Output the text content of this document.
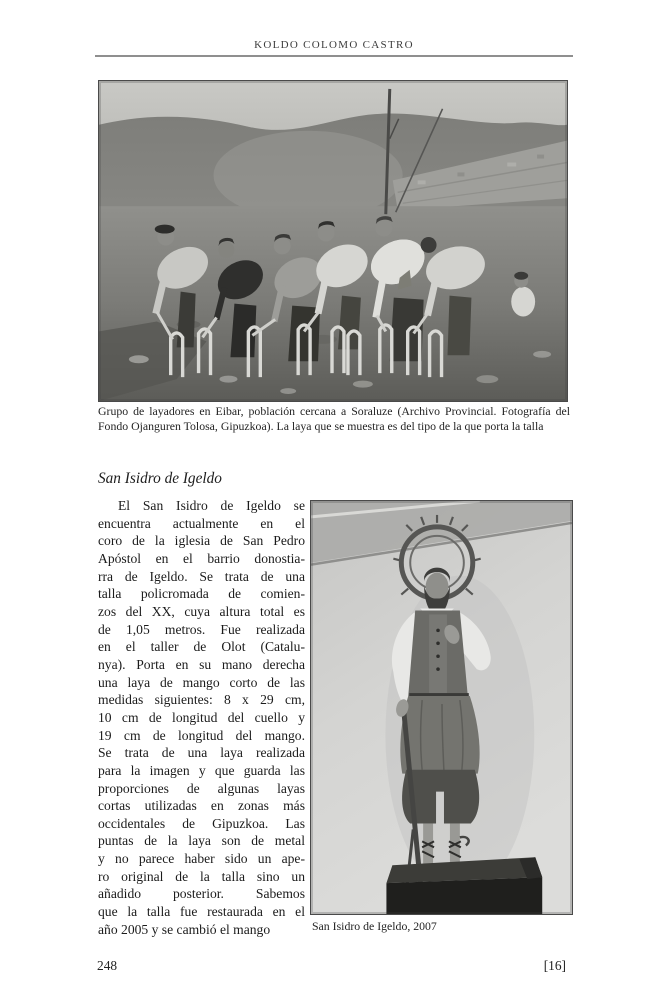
KOLDO COLOMO CASTRO
Grupo de layadores en Eibar, población cercana a Soraluze (Archivo Provincial. Fotografía del Fondo Ojanguren Tolosa, Gipuzkoa). La laya que se muestra es del tipo de la que porta la talla
San Isidro de Igeldo
El San Isidro de Igeldo se
encuentra actualmente en el
coro de la iglesia de San Pedro
Apóstol en el barrio donostia-
rra de Igeldo. Se trata de una
talla policromada de comien-
zos del XX, cuya altura total es
de 1,05 metros. Fue realizada
en el taller de Olot (Catalu-
nya). Porta en su mano derecha
una laya de mango corto de las
medidas siguientes: 8 x 29 cm,
10 cm de longitud del cuello y
19 cm de longitud del mango.
Se trata de una laya realizada
para la imagen y que guarda las
proporciones de algunas layas
cortas utilizadas en zonas más
occidentales de Gipuzkoa. Las
puntas de la laya son de metal
y no parece haber sido un ape-
ro original de la talla sino un
añadido posterior. Sabemos
que la talla fue restaurada en el
año 2005 y se cambió el mango	San Isidro de Igeldo, 2007
248	[16]
